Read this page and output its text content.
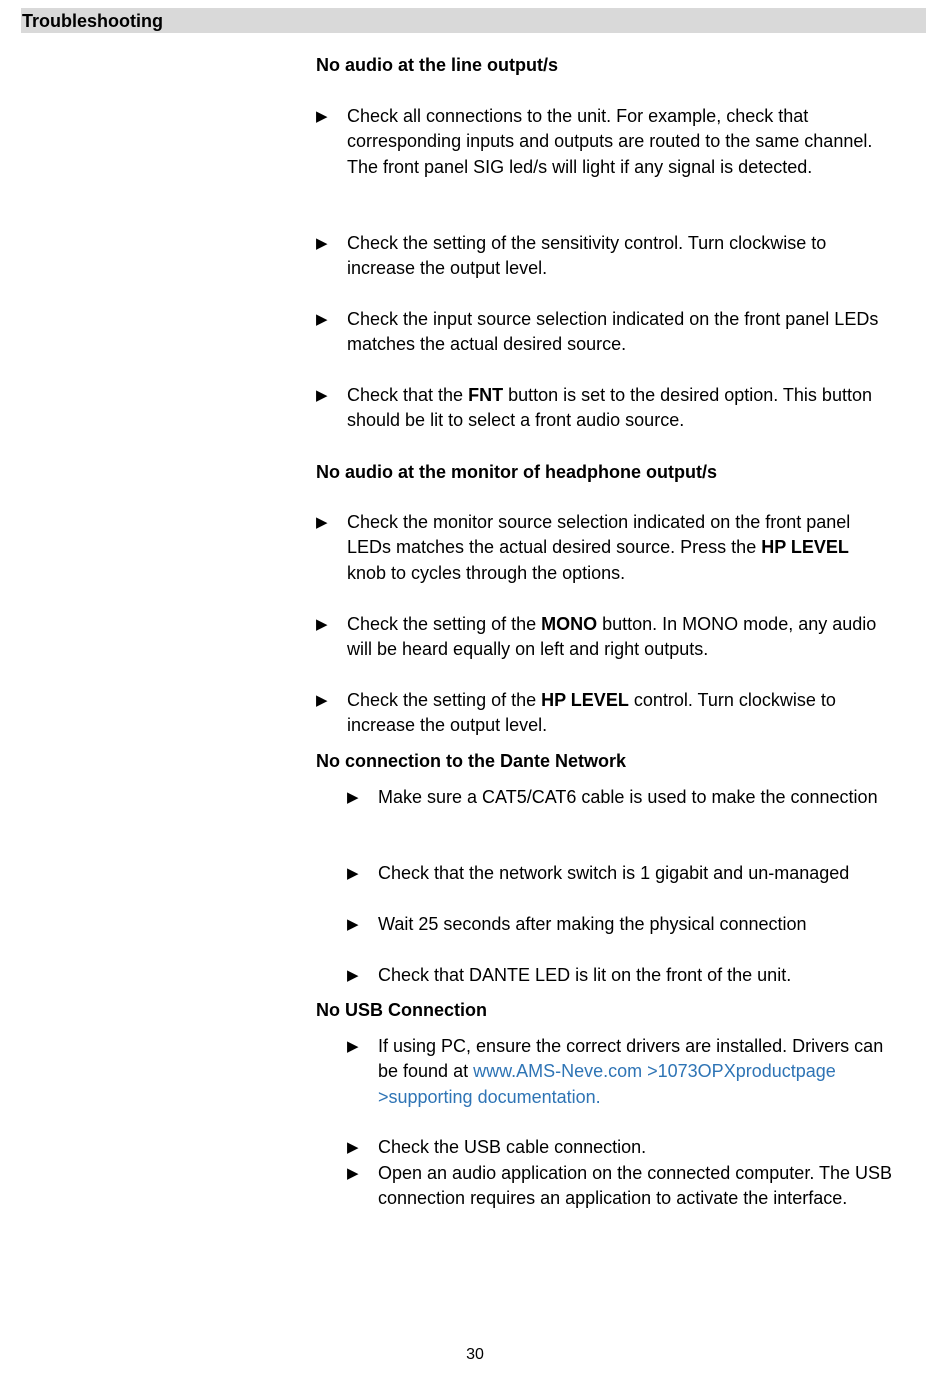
Troubleshooting
No audio at the line output/s
▶ Check all connections to the unit. For example, check that corresponding inputs and outputs are routed to the same channel. The front panel SIG led/s will light if any signal is detected.
▶ Check the setting of the sensitivity control. Turn clockwise to increase the output level.
▶ Check the input source selection indicated on the front panel LEDs matches the actual desired source.
▶ Check that the FNT button is set to the desired option. This button should be lit to select a front audio source.
No audio at the monitor of headphone output/s
▶ Check the monitor source selection indicated on the front panel LEDs matches the actual desired source. Press the HP LEVEL knob to cycles through the options.
▶ Check the setting of the MONO button. In MONO mode, any audio will be heard equally on left and right outputs.
▶ Check the setting of the HP LEVEL control. Turn clockwise to increase the output level.
No connection to the Dante Network
▶ Make sure a CAT5/CAT6 cable is used to make the connection
▶ Check that the network switch is 1 gigabit and un-managed
▶ Wait 25 seconds after making the physical connection
▶ Check that DANTE LED is lit on the front of the unit.
No USB Connection
▶ If using PC, ensure the correct drivers are installed. Drivers can be found at www.AMS-Neve.com >1073OPXproductpage >supporting documentation.
▶ Check the USB cable connection.
▶ Open an audio application on the connected computer. The USB connection requires an application to activate the interface.
30
